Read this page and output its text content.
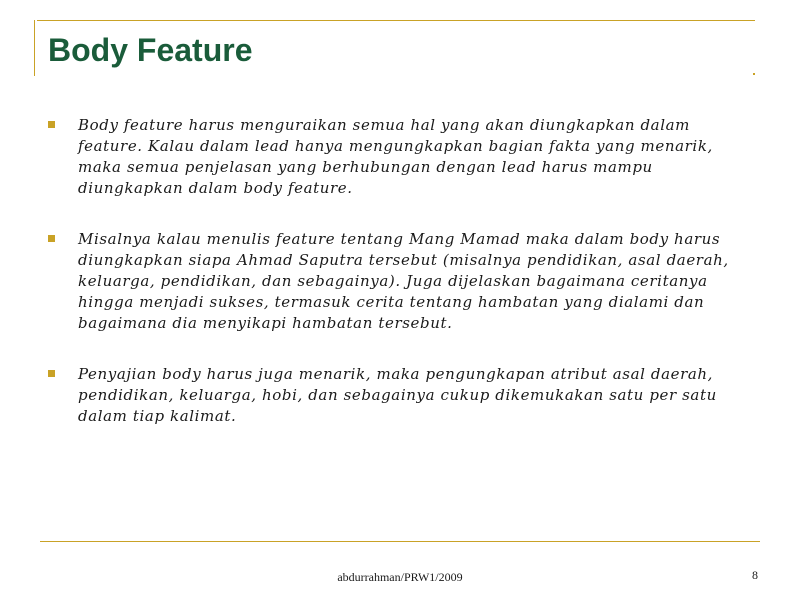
Body Feature
Body feature harus menguraikan semua hal yang akan diungkapkan dalam feature. Kalau dalam lead hanya mengungkapkan bagian fakta yang menarik, maka semua penjelasan yang berhubungan dengan lead harus mampu diungkapkan dalam body feature.
Misalnya kalau menulis feature tentang Mang Mamad maka dalam body harus diungkapkan siapa Ahmad Saputra tersebut (misalnya pendidikan, asal daerah, keluarga, pendidikan, dan sebagainya). Juga dijelaskan bagaimana ceritanya hingga menjadi sukses, termasuk cerita tentang hambatan yang dialami dan bagaimana dia menyikapi hambatan tersebut.
Penyajian body harus juga menarik, maka pengungkapan atribut asal daerah, pendidikan, keluarga, hobi, dan sebagainya cukup dikemukakan satu per satu dalam tiap kalimat.
abdurrahman/PRW1/2009	8
